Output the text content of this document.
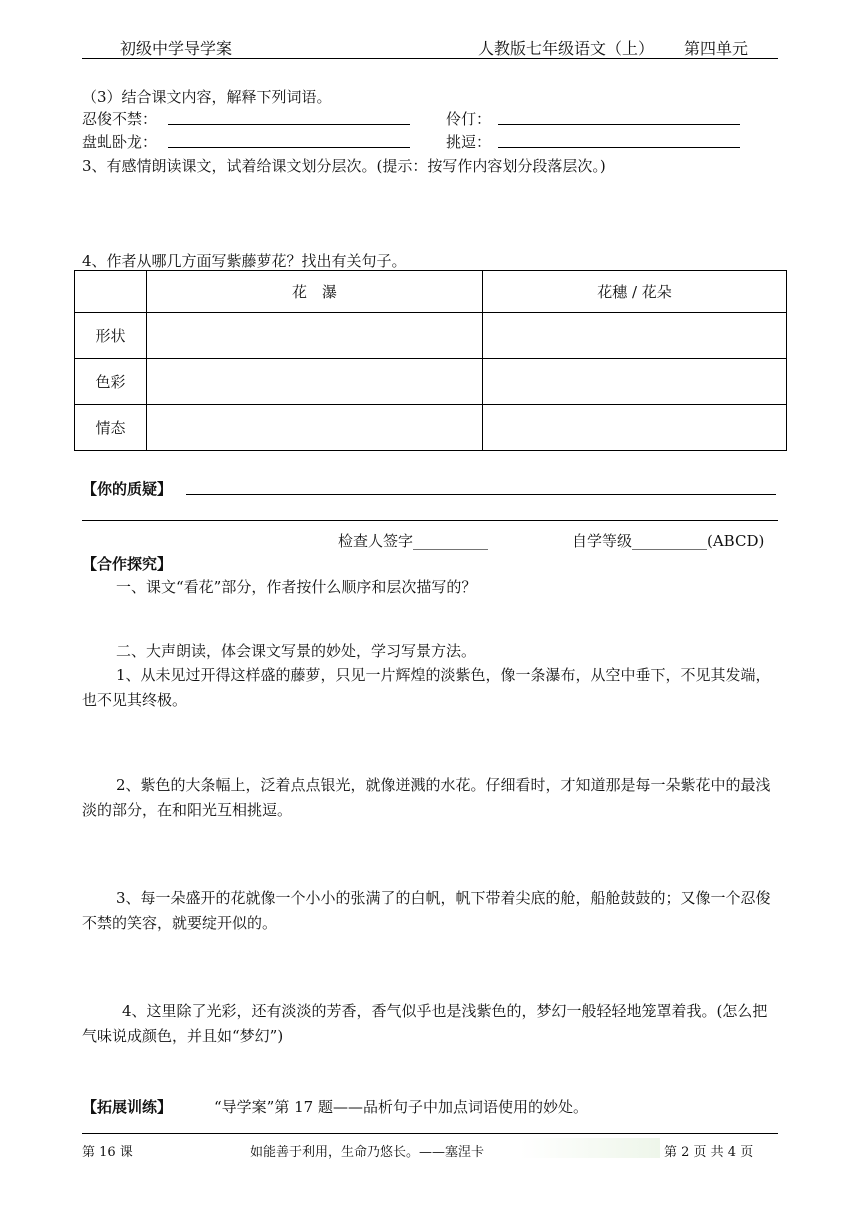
初级中学导学案	人教版七年级语文（上） 第四单元
（3）结合课文内容，解释下列词语。
忍俊不禁：	伶仃：
盘虬卧龙：	挑逗：
3、有感情朗读课文，试着给课文划分层次。(提示：按写作内容划分段落层次。)
4、作者从哪几方面写紫藤萝花？找出有关句子。
	花　瀑	花穗 / 花朵
形状		
色彩		
情态		
【你的质疑】
检查人签字__________	自学等级__________(ABCD)
【合作探究】
一、课文“看花”部分，作者按什么顺序和层次描写的？
二、大声朗读，体会课文写景的妙处，学习写景方法。
1、从未见过开得这样盛的藤萝，只见一片辉煌的淡紫色，像一条瀑布，从空中垂下，不见其发端，也不见其终极。
2、紫色的大条幅上，泛着点点银光，就像迸溅的水花。仔细看时，才知道那是每一朵紫花中的最浅淡的部分，在和阳光互相挑逗。
3、每一朵盛开的花就像一个小小的张满了的白帆，帆下带着尖底的舱，船舱鼓鼓的；又像一个忍俊不禁的笑容，就要绽开似的。
4、这里除了光彩，还有淡淡的芳香，香气似乎也是浅紫色的，梦幻一般轻轻地笼罩着我。(怎么把气味说成颜色，并且如“梦幻”)
【拓展训练】	“导学案”第 17 题——品析句子中加点词语使用的妙处。
第 16 课	如能善于利用，生命乃悠长。——塞涅卡	第 2 页 共 4 页
